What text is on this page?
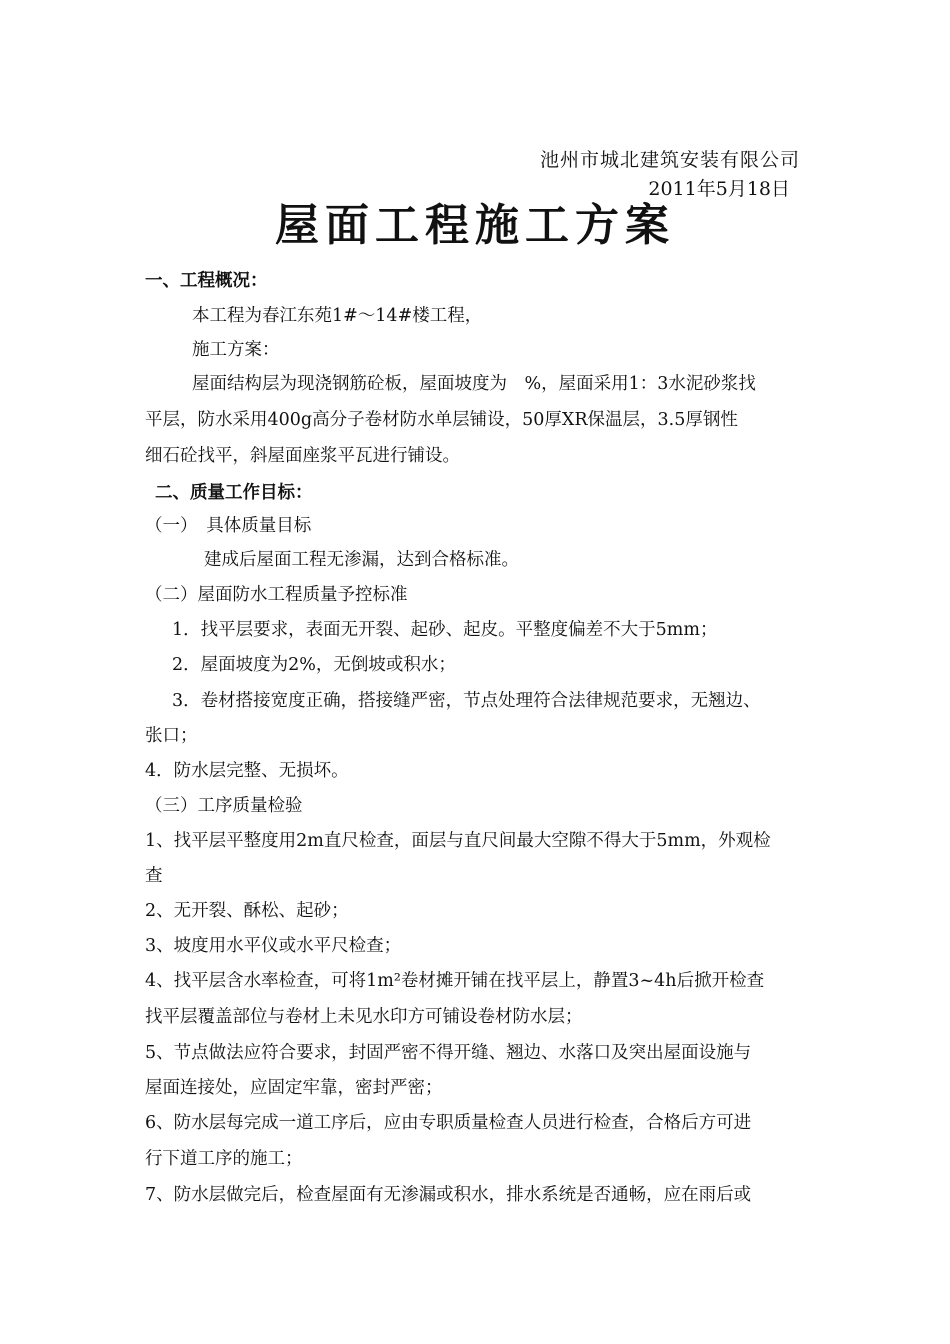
池州市城北建筑安装有限公司
2011年5月18日
屋面工程施工方案
一、工程概况：
本工程为春江东苑1#～14#楼工程，
施工方案：
屋面结构层为现浇钢筋砼板，屋面坡度为　%，屋面采用1：3水泥砂浆找
平层，防水采用400g高分子卷材防水单层铺设，50厚XR保温层，3.5厚钢性
细石砼找平，斜屋面座浆平瓦进行铺设。
二、质量工作目标：
（一）　具体质量目标
建成后屋面工程无渗漏，达到合格标准。
（二）屋面防水工程质量予控标准
1．找平层要求，表面无开裂、起砂、起皮。平整度偏差不大于5mm；
2．屋面坡度为2%，无倒坡或积水；
3．卷材搭接宽度正确，搭接缝严密，节点处理符合法律规范要求，无翘边、
张口；
4．防水层完整、无损坏。
（三）工序质量检验
1、找平层平整度用2m直尺检查，面层与直尺间最大空隙不得大于5mm，外观检
查
2、无开裂、酥松、起砂；
3、坡度用水平仪或水平尺检查；
4、找平层含水率检查，可将1m²卷材摊开铺在找平层上，静置3~4h后掀开检查
找平层覆盖部位与卷材上未见水印方可铺设卷材防水层；
5、节点做法应符合要求，封固严密不得开缝、翘边、水落口及突出屋面设施与
屋面连接处，应固定牢靠，密封严密；
6、防水层每完成一道工序后，应由专职质量检查人员进行检查，合格后方可进
行下道工序的施工；
7、防水层做完后，检查屋面有无渗漏或积水，排水系统是否通畅，应在雨后或
